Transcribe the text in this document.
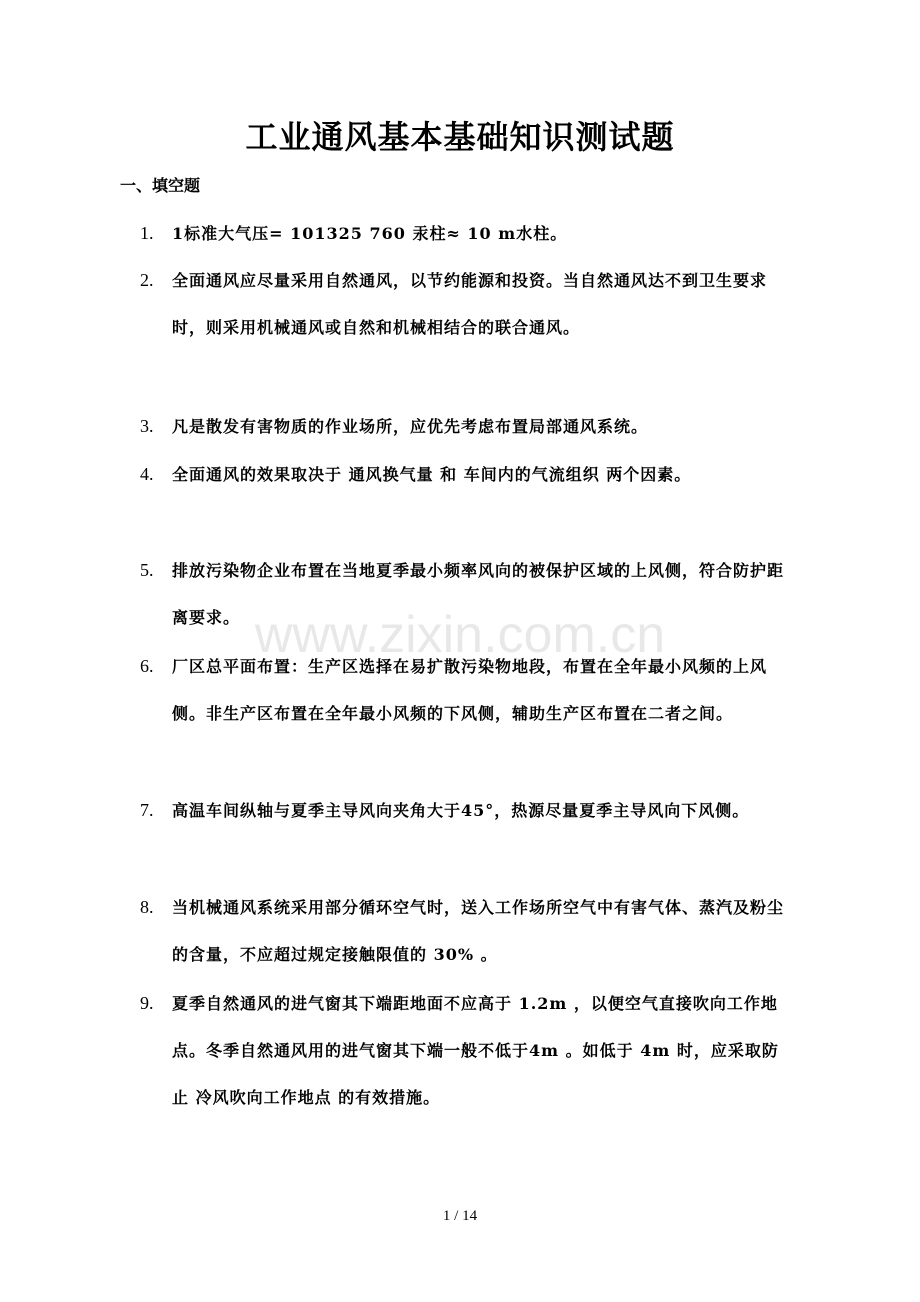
工业通风基本基础知识测试题
一、填空题
1. 1标准大气压= 101325 760 汞柱≈ 10 m水柱。
2. 全面通风应尽量采用自然通风，以节约能源和投资。当自然通风达不到卫生要求时，则采用机械通风或自然和机械相结合的联合通风。
3. 凡是散发有害物质的作业场所，应优先考虑布置局部通风系统。
4. 全面通风的效果取决于 通风换气量 和 车间内的气流组织 两个因素。
5. 排放污染物企业布置在当地夏季最小频率风向的被保护区域的上风侧，符合防护距离要求。
6. 厂区总平面布置：生产区选择在易扩散污染物地段，布置在全年最小风频的上风侧。非生产区布置在全年最小风频的下风侧，辅助生产区布置在二者之间。
7. 高温车间纵轴与夏季主导风向夹角大于45°，热源尽量夏季主导风向下风侧。
8. 当机械通风系统采用部分循环空气时，送入工作场所空气中有害气体、蒸汽及粉尘的含量，不应超过规定接触限值的 30% 。
9. 夏季自然通风的进气窗其下端距地面不应高于 1.2m ，以便空气直接吹向工作地点。冬季自然通风用的进气窗其下端一般不低于4m 。如低于 4m 时，应采取防止 冷风吹向工作地点 的有效措施。
www.zixin.com.cn
1 / 14
